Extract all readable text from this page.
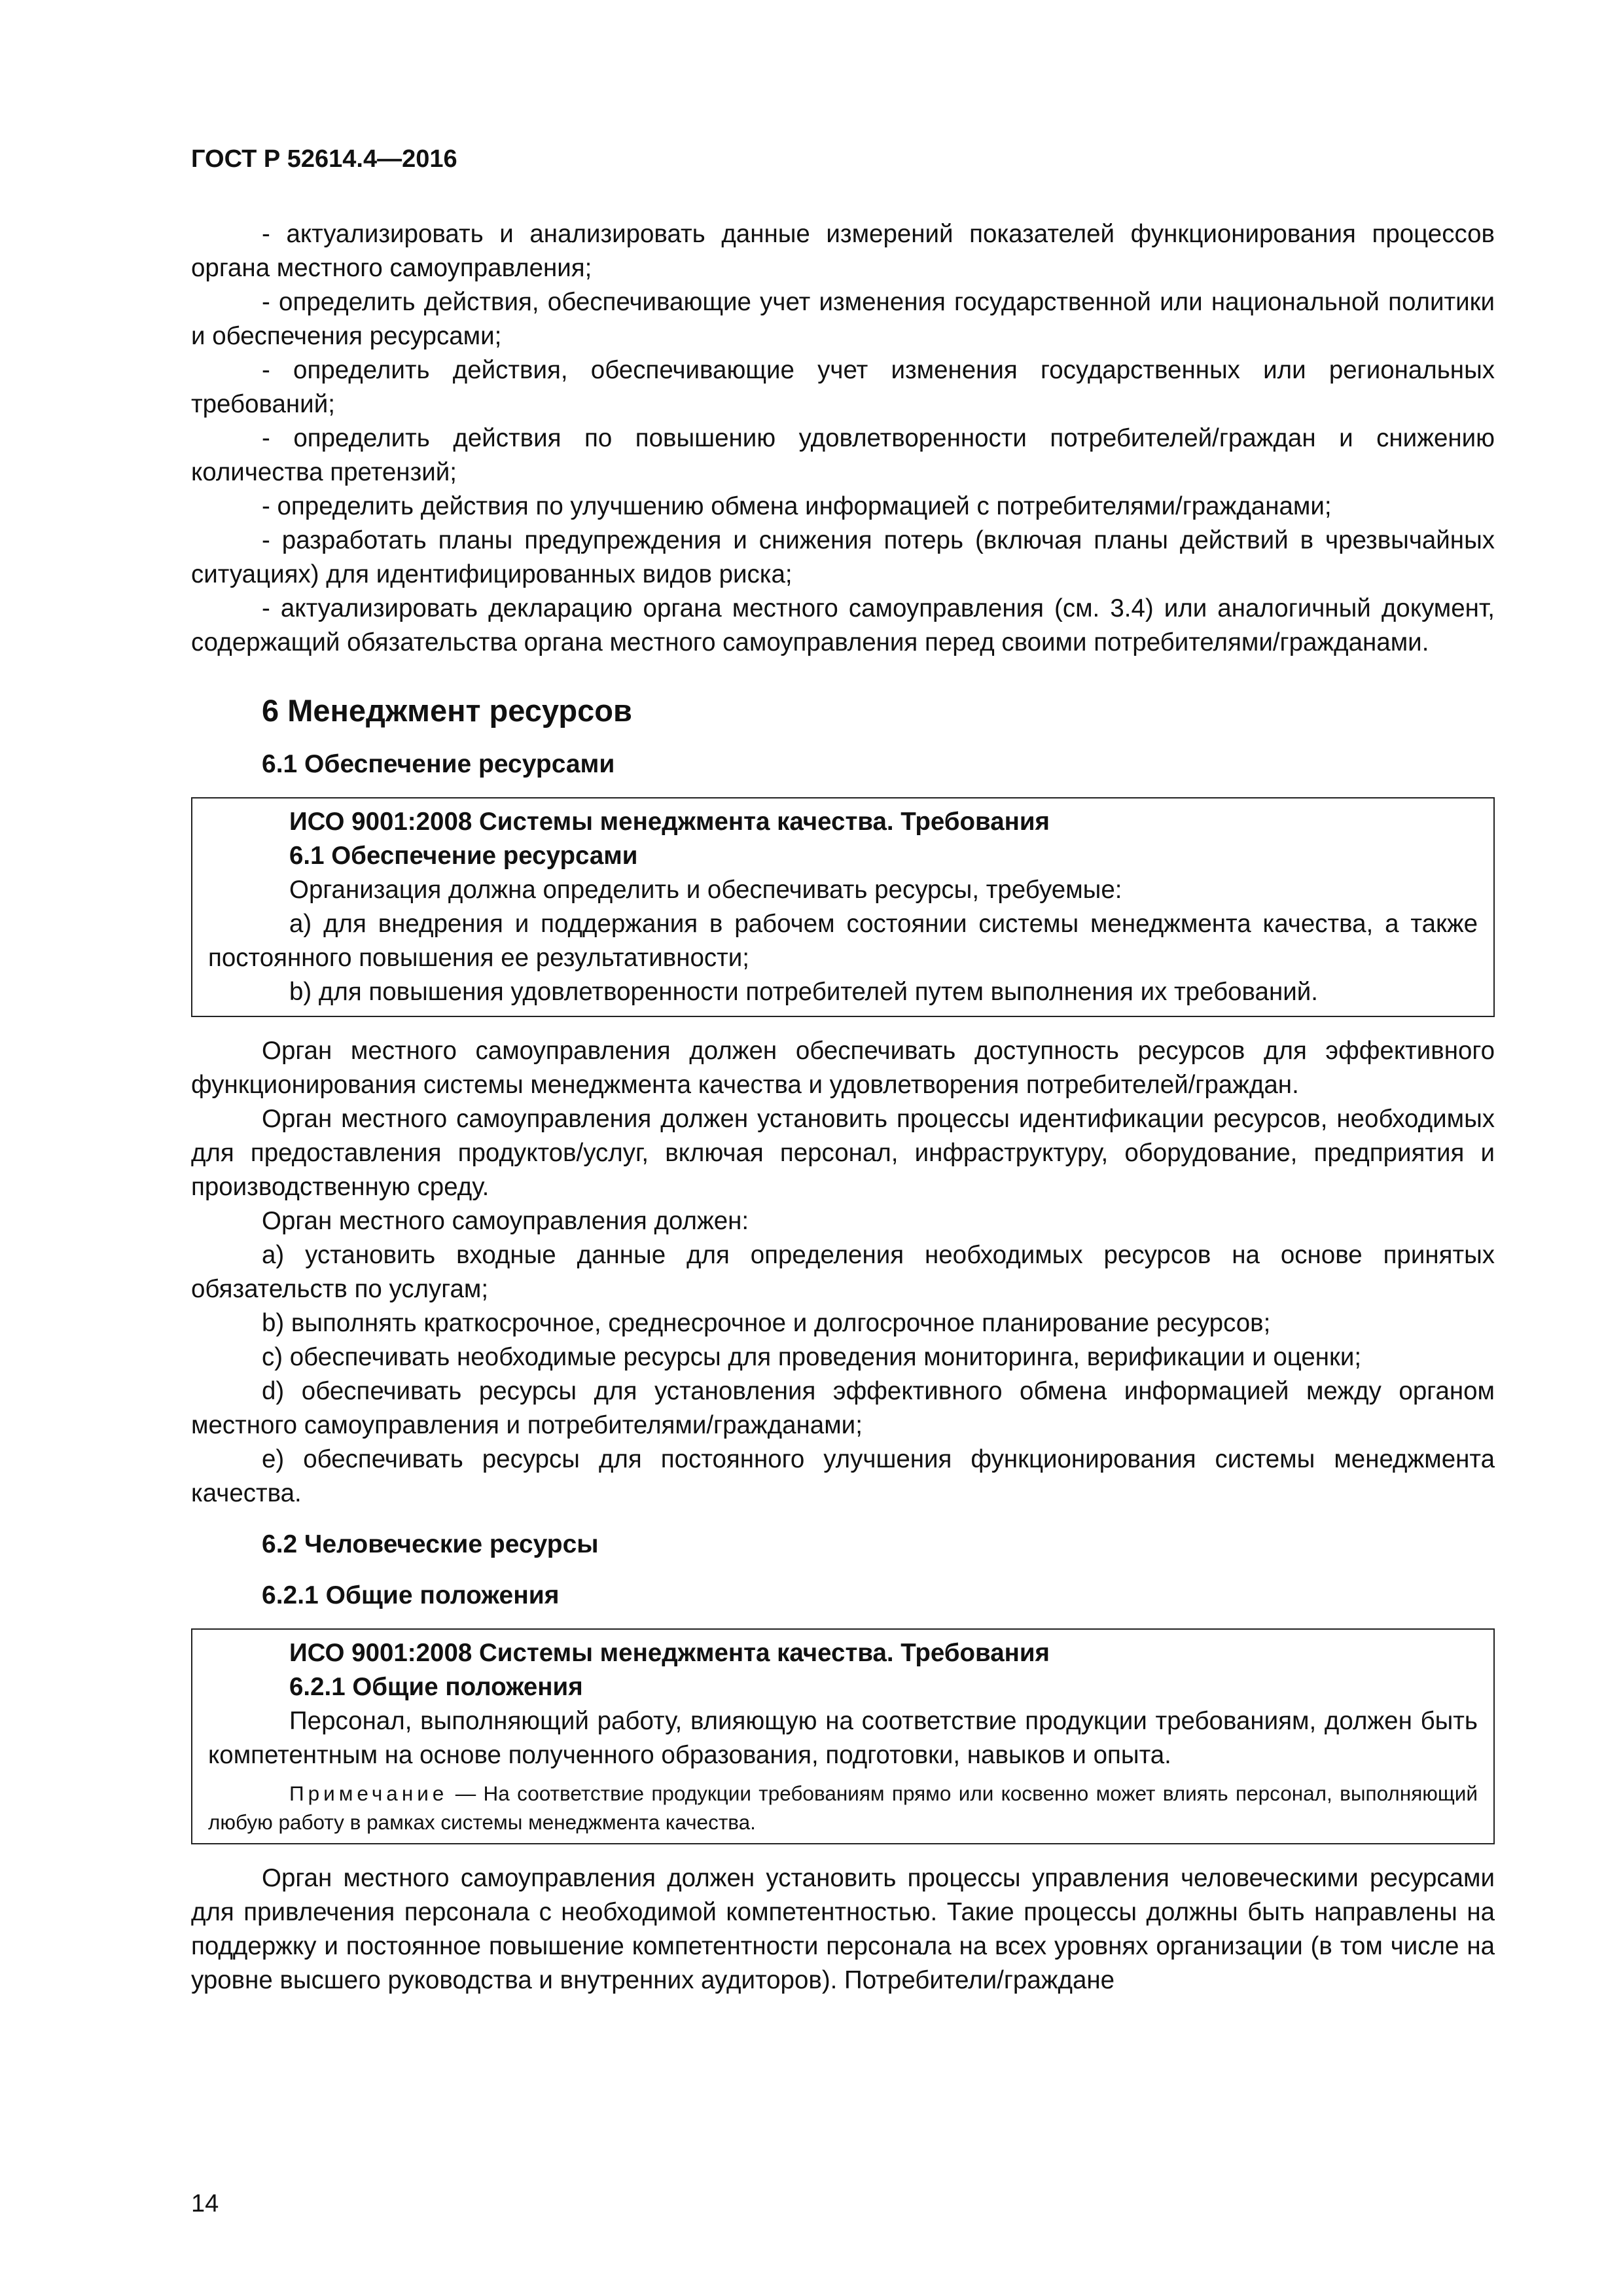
ГОСТ Р 52614.4—2016

- актуализировать и анализировать данные измерений показателей функционирования процессов органа местного самоуправления;

- определить действия, обеспечивающие учет изменения государственной или национальной политики и обеспечения ресурсами;

- определить действия, обеспечивающие учет изменения государственных или региональных требований;

- определить действия по повышению удовлетворенности потребителей/граждан и снижению количества претензий;

- определить действия по улучшению обмена информацией с потребителями/гражданами;

- разработать планы предупреждения и снижения потерь (включая планы действий в чрезвычайных ситуациях) для идентифицированных видов риска;

- актуализировать декларацию органа местного самоуправления (см. 3.4) или аналогичный документ, содержащий обязательства органа местного самоуправления перед своими потребителями/гражданами.

6 Менеджмент ресурсов
6.1 Обеспечение ресурсами

ИСО 9001:2008 Системы менеджмента качества. Требования

6.1 Обеспечение ресурсами

Организация должна определить и обеспечивать ресурсы, требуемые:

а) для внедрения и поддержания в рабочем состоянии системы менеджмента качества, а также постоянного повышения ее результативности;

b) для повышения удовлетворенности потребителей путем выполнения их требований.

Орган местного самоуправления должен обеспечивать доступность ресурсов для эффективного функционирования системы менеджмента качества и удовлетворения потребителей/граждан.

Орган местного самоуправления должен установить процессы идентификации ресурсов, необходимых для предоставления продуктов/услуг, включая персонал, инфраструктуру, оборудование, предприятия и производственную среду.

Орган местного самоуправления должен:

a) установить входные данные для определения необходимых ресурсов на основе принятых обязательств по услугам;

b) выполнять краткосрочное, среднесрочное и долгосрочное планирование ресурсов;

c) обеспечивать необходимые ресурсы для проведения мониторинга, верификации и оценки;

d) обеспечивать ресурсы для установления эффективного обмена информацией между органом местного самоуправления и потребителями/гражданами;

e) обеспечивать ресурсы для постоянного улучшения функционирования системы менеджмента качества.

6.2 Человеческие ресурсы
6.2.1 Общие положения

ИСО 9001:2008 Системы менеджмента качества. Требования

6.2.1 Общие положения

Персонал, выполняющий работу, влияющую на соответствие продукции требованиям, должен быть компетентным на основе полученного образования, подготовки, навыков и опыта.

Примечание — На соответствие продукции требованиям прямо или косвенно может влиять персонал, выполняющий любую работу в рамках системы менеджмента качества.

Орган местного самоуправления должен установить процессы управления человеческими ресурсами для привлечения персонала с необходимой компетентностью. Такие процессы должны быть направлены на поддержку и постоянное повышение компетентности персонала на всех уровнях организации (в том числе на уровне высшего руководства и внутренних аудиторов). Потребители/граждане

14
